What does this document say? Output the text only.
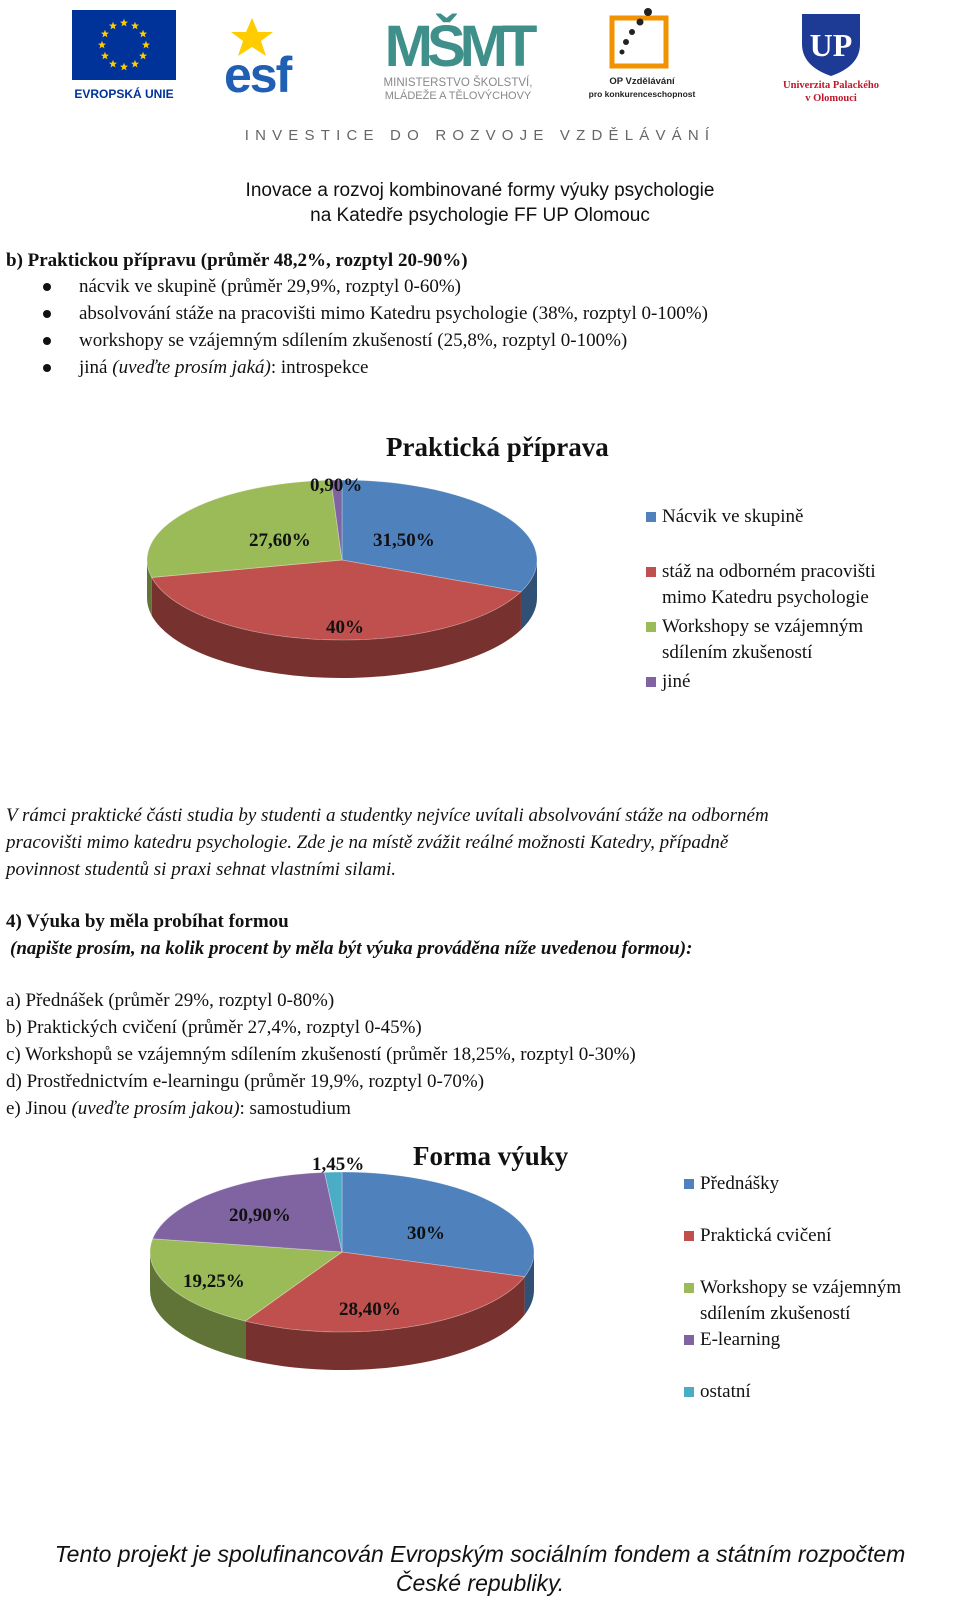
EVROPSKÁ UNIE esf MŠMT
MINISTERSTVO ŠKOLSTVÍ,
MLÁDEŽE A TĚLOVÝCHOVY
OP Vzdělávání
pro konkurenceschopnost
UP
Univerzita Palackého
v Olomouci
INVESTICE DO ROZVOJE VZDĚLÁVÁNÍ
Inovace a rozvoj kombinované formy výuky psychologie
na Katedře psychologie FF UP Olomouc
b) Praktickou přípravu (průměr 48,2%, rozptyl 20-90%)
nácvik ve skupině (průměr 29,9%, rozptyl 0-60%)
absolvování stáže na pracovišti mimo Katedru psychologie (38%, rozptyl 0-100%)
workshopy se vzájemným sdílením zkušeností (25,8%, rozptyl 0-100%)
jiná (uveďte prosím jaká): introspekce
Praktická příprava
31,50%
40%
27,60%
0,90%
Nácvik ve skupině
stáž na odborném pracovišti
mimo Katedru psychologie
Workshopy se vzájemným
sdílením zkušeností
jiné
V rámci praktické části studia by studenti a studentky nejvíce uvítali absolvování stáže na odborném
pracovišti mimo katedru psychologie. Zde je na místě zvážit reálné možnosti Katedry, případně
povinnost studentů si praxi sehnat vlastními silami.
4) Výuka by měla probíhat formou
(napište prosím, na kolik procent by měla být výuka prováděna níže uvedenou formou):
a) Přednášek (průměr 29%, rozptyl 0-80%)
b) Praktických cvičení (průměr 27,4%, rozptyl 0-45%)
c) Workshopů se vzájemným sdílením zkušeností (průměr 18,25%, rozptyl 0-30%)
d) Prostřednictvím e-learningu (průměr 19,9%, rozptyl 0-70%)
e) Jinou (uveďte prosím jakou): samostudium
Forma výuky
30%
28,40%
19,25%
20,90%
1,45%
Přednášky
Praktická cvičení
Workshopy se vzájemným
sdílením zkušeností
E-learning
ostatní
Tento projekt je spolufinancován Evropským sociálním fondem a státním rozpočtem
České republiky.
